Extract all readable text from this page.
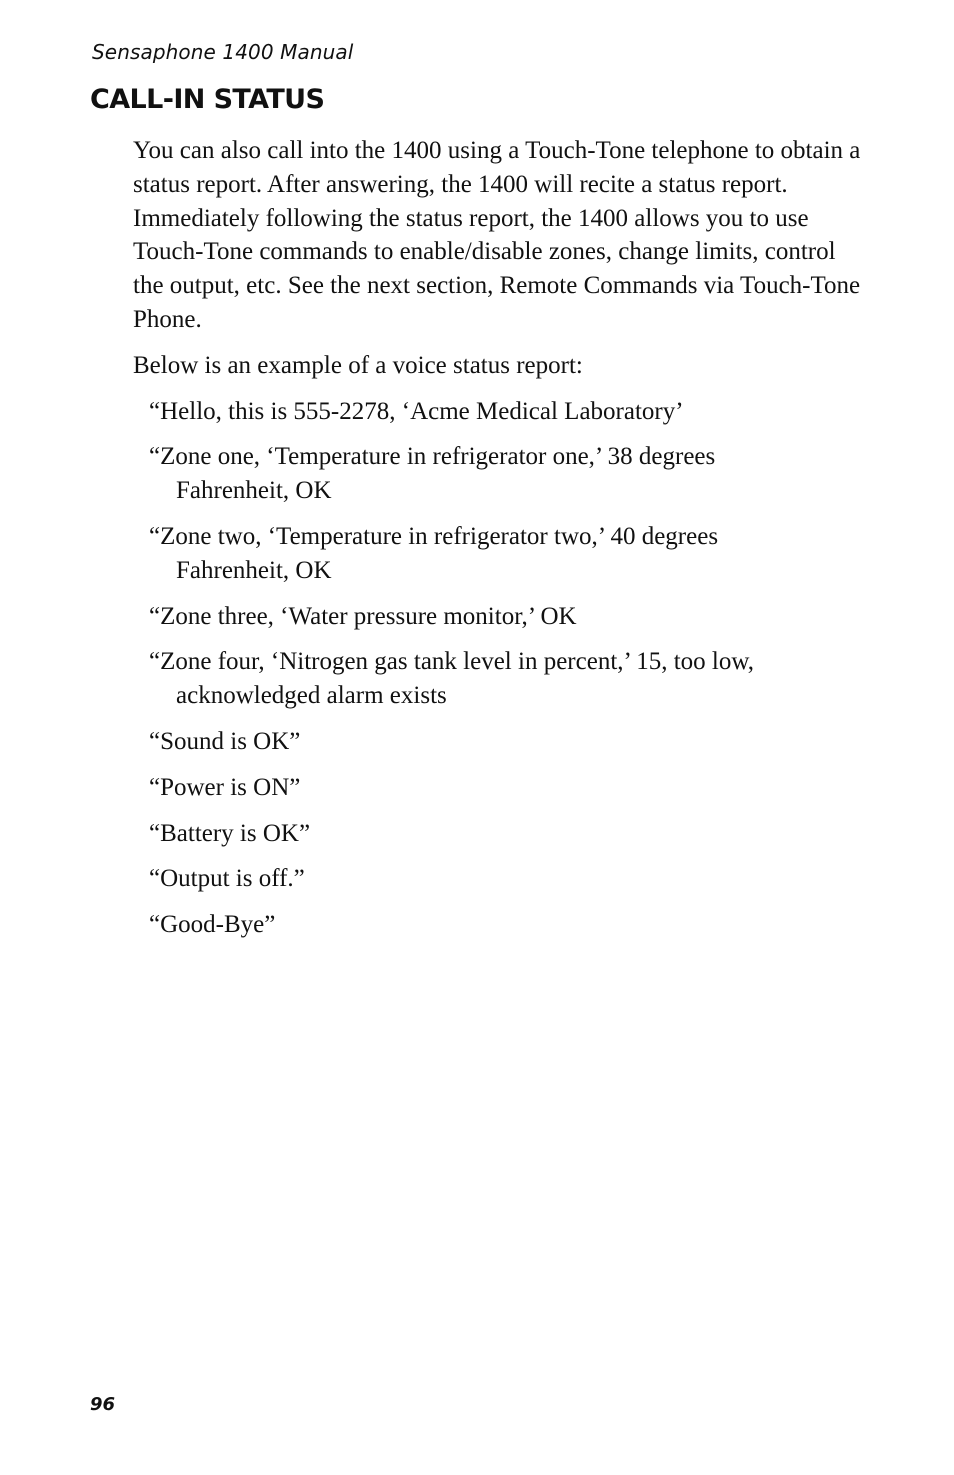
Sensaphone 1400 Manual
CALL-IN STATUS

You can also call into the 1400 using a Touch-Tone telephone to obtain a status report. After answering, the 1400 will recite a status report. Immediately following the status report, the 1400 allows you to use Touch-Tone commands to enable/disable zones, change limits, control the output, etc. See the next section, Remote Commands via Touch-Tone Phone.

Below is an example of a voice status report:

“Hello, this is 555-2278, ‘Acme Medical Laboratory’
“Zone one, ‘Temperature in refrigerator one,’ 38 degrees Fahrenheit, OK
“Zone two, ‘Temperature in refrigerator two,’ 40 degrees Fahrenheit, OK
“Zone three, ‘Water pressure monitor,’ OK
“Zone four, ‘Nitrogen gas tank level in percent,’ 15, too low, acknowledged alarm exists
“Sound is OK”
“Power is ON”
“Battery is OK”
“Output is off.”
“Good-Bye”
96
